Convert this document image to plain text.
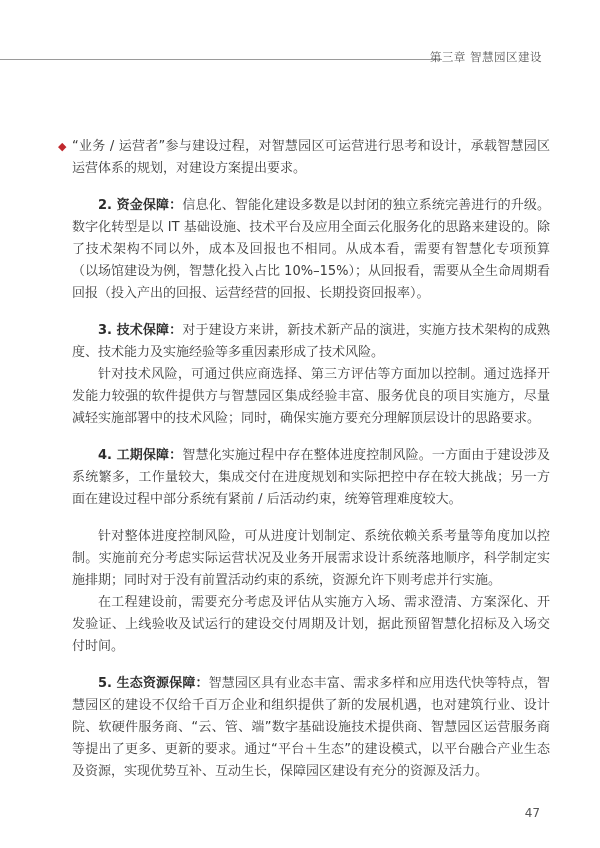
第三章 智慧园区建设

◆ “业务 / 运营者”参与建设过程，对智慧园区可运营进行思考和设计，承载智慧园区运营体系的规划，对建设方案提出要求。

2. 资金保障：信息化、智能化建设多数是以封闭的独立系统完善进行的升级。数字化转型是以 IT 基础设施、技术平台及应用全面云化服务化的思路来建设的。除了技术架构不同以外，成本及回报也不相同。从成本看，需要有智慧化专项预算（以场馆建设为例，智慧化投入占比 10%–15%）；从回报看，需要从全生命周期看回报（投入产出的回报、运营经营的回报、长期投资回报率）。

3. 技术保障：对于建设方来讲，新技术新产品的演进，实施方技术架构的成熟度、技术能力及实施经验等多重因素形成了技术风险。

针对技术风险，可通过供应商选择、第三方评估等方面加以控制。通过选择开发能力较强的软件提供方与智慧园区集成经验丰富、服务优良的项目实施方，尽量减轻实施部署中的技术风险；同时，确保实施方要充分理解顶层设计的思路要求。

4. 工期保障：智慧化实施过程中存在整体进度控制风险。一方面由于建设涉及系统繁多，工作量较大，集成交付在进度规划和实际把控中存在较大挑战；另一方面在建设过程中部分系统有紧前 / 后活动约束，统筹管理难度较大。

针对整体进度控制风险，可从进度计划制定、系统依赖关系考量等角度加以控制。实施前充分考虑实际运营状况及业务开展需求设计系统落地顺序，科学制定实施排期；同时对于没有前置活动约束的系统，资源允许下则考虑并行实施。

在工程建设前，需要充分考虑及评估从实施方入场、需求澄清、方案深化、开发验证、上线验收及试运行的建设交付周期及计划，据此预留智慧化招标及入场交付时间。

5. 生态资源保障：智慧园区具有业态丰富、需求多样和应用迭代快等特点，智慧园区的建设不仅给千百万企业和组织提供了新的发展机遇，也对建筑行业、设计院、软硬件服务商、“云、管、端”数字基础设施技术提供商、智慧园区运营服务商等提出了更多、更新的要求。通过“平台＋生态”的建设模式，以平台融合产业生态及资源，实现优势互补、互动生长，保障园区建设有充分的资源及活力。

47
